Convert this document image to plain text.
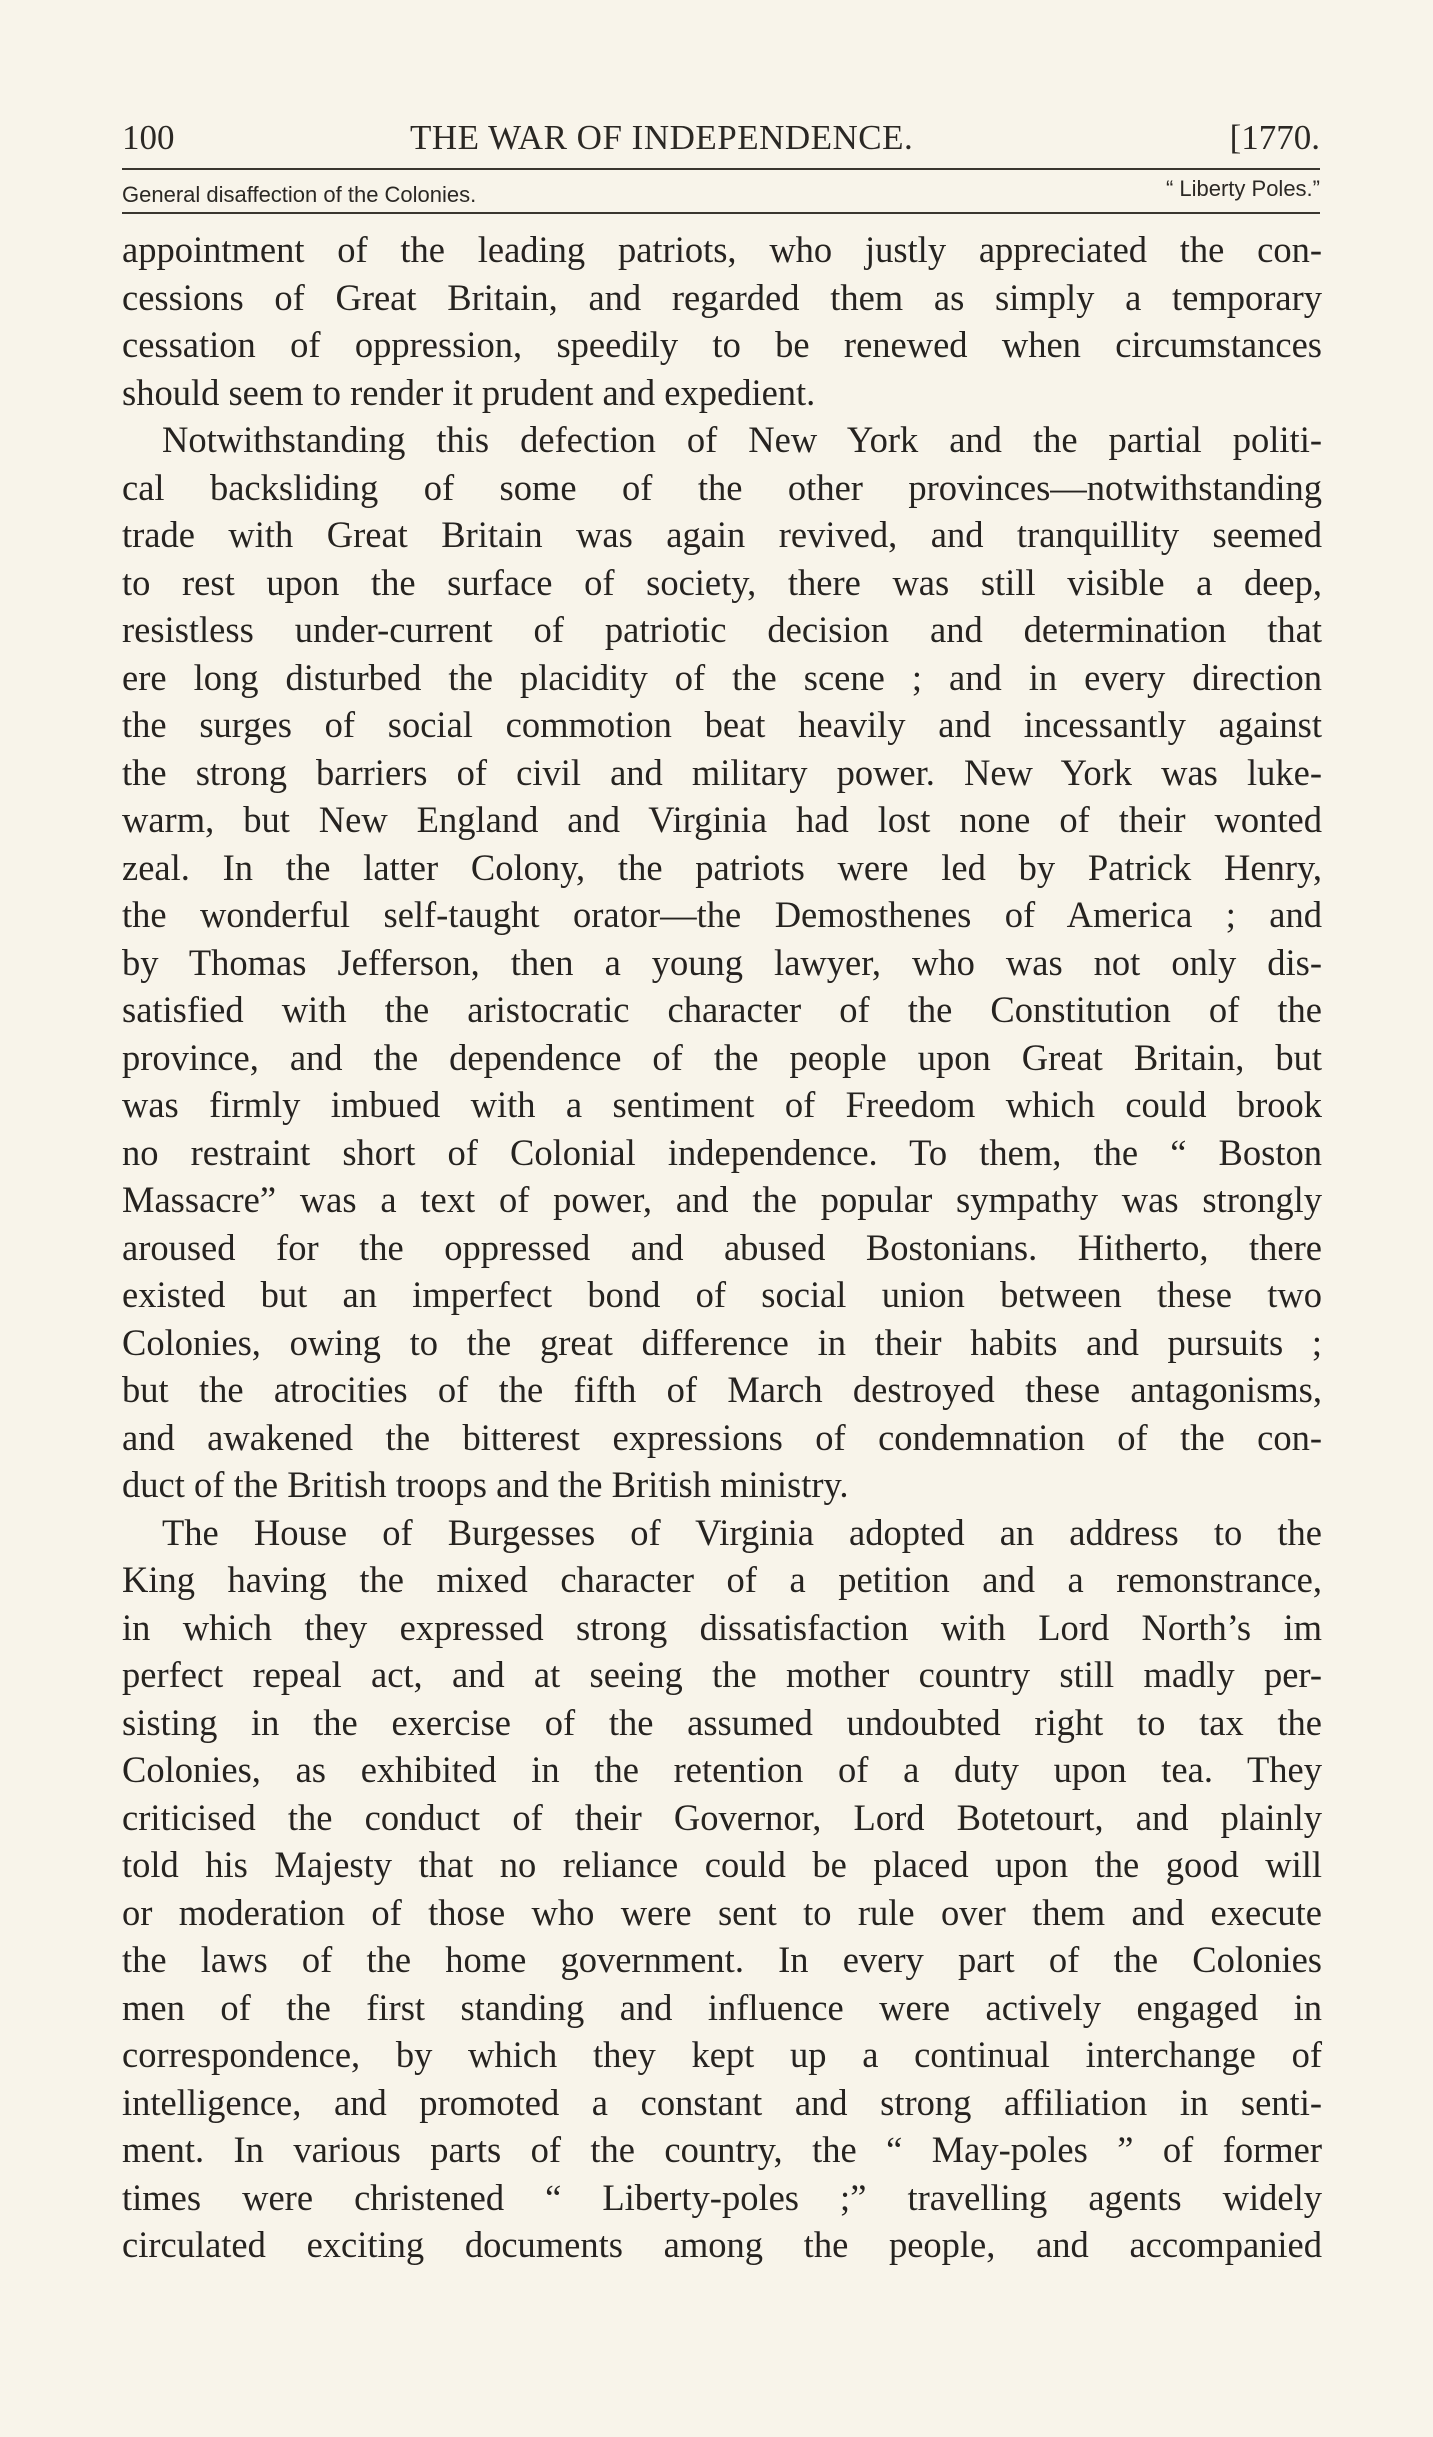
100	THE WAR OF INDEPENDENCE.	[1770.
General disaffection of the Colonies.	“ Liberty Poles.”
appointment of the leading patriots, who justly appreciated the con-
cessions of Great Britain, and regarded them as simply a temporary
cessation of oppression, speedily to be renewed when circumstances
should seem to render it prudent and expedient.
Notwithstanding this defection of New York and the partial politi-
cal backsliding of some of the other provinces—notwithstanding
trade with Great Britain was again revived, and tranquillity seemed
to rest upon the surface of society, there was still visible a deep,
resistless under-current of patriotic decision and determination that
ere long disturbed the placidity of the scene ; and in every direction
the surges of social commotion beat heavily and incessantly against
the strong barriers of civil and military power. New York was luke-
warm, but New England and Virginia had lost none of their wonted
zeal. In the latter Colony, the patriots were led by Patrick Henry,
the wonderful self-taught orator—the Demosthenes of America ; and
by Thomas Jefferson, then a young lawyer, who was not only dis-
satisfied with the aristocratic character of the Constitution of the
province, and the dependence of the people upon Great Britain, but
was firmly imbued with a sentiment of Freedom which could brook
no restraint short of Colonial independence. To them, the “ Boston
Massacre” was a text of power, and the popular sympathy was strongly
aroused for the oppressed and abused Bostonians. Hitherto, there
existed but an imperfect bond of social union between these two
Colonies, owing to the great difference in their habits and pursuits ;
but the atrocities of the fifth of March destroyed these antagonisms,
and awakened the bitterest expressions of condemnation of the con-
duct of the British troops and the British ministry.
The House of Burgesses of Virginia adopted an address to the
King having the mixed character of a petition and a remonstrance,
in which they expressed strong dissatisfaction with Lord North’s im
perfect repeal act, and at seeing the mother country still madly per-
sisting in the exercise of the assumed undoubted right to tax the
Colonies, as exhibited in the retention of a duty upon tea. They
criticised the conduct of their Governor, Lord Botetourt, and plainly
told his Majesty that no reliance could be placed upon the good will
or moderation of those who were sent to rule over them and execute
the laws of the home government. In every part of the Colonies
men of the first standing and influence were actively engaged in
correspondence, by which they kept up a continual interchange of
intelligence, and promoted a constant and strong affiliation in senti-
ment. In various parts of the country, the “ May-poles ” of former
times were christened “ Liberty-poles ;” travelling agents widely
circulated exciting documents among the people, and accompanied
